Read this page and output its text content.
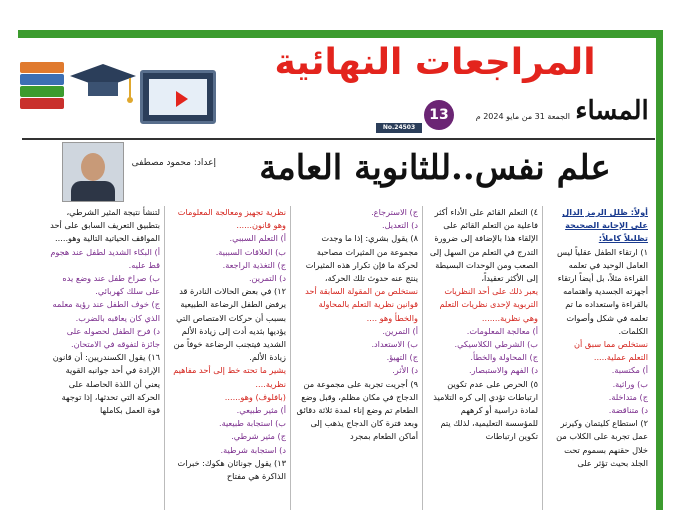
المراجعات النهائية
المساء
الجمعة 31 من مايو 2024 م
13
No.24503
علم نفس..للثانوية العامة
إعداد: محمود مصطفى

أولاً: ظلل الرمز الدال على الإجابة الصحيحة تظليلاً كاملاً:

١) ارتقاء الطفل عقلياً ليس العامل الوحيد في تعلمه القراءة مثلاً، بل أيضاً ارتقاء أجهزته الجسدية واهتمامه بالقراءة واستعداده ما تم تعلمه في شكل وأصوات الكلمات.

نستخلص مما سبق أن

التعلم عملية.....

أ) مكتسبة.

ب) وراثية.

ج) متداخلة.

د) متناقضة.

٢) استطاع كليتمان وكيرنر عمل تجربة على الكلاب من خلال حقنهم بسموم تحت الجلد بحيث تؤثر على

٤) التعلم القائم على الأداء أكثر فاعلية من التعلم القائم على الإلقاء هذا بالإضافة إلى ضرورة التدرج في التعلم من السهل إلى الصعب ومن الوحدات البسيطة إلى الأكثر تعقيداً،

يعبر ذلك على أحد النظريات التربوية لإحدى نظريات التعلم وهي نظرية.......

أ) معالجة المعلومات.

ب) الشرطي الكلاسيكي.

ج) المحاولة والخطأ.

د) الفهم والاستبصار.

٥) الحرص على عدم تكوين ارتباطات تؤدي إلى كره التلاميذ لمادة دراسية أو كرههم للمؤسسة التعليمية، لذلك يتم تكوين ارتباطات

ج) الاسترجاع.

د) التعديل.

٨) يقول بشري: إذا ما وجدت مجموعة من المثيرات مصاحبة لحركة ما فإن تكرار هذه المثيرات ينتج عنه حدوث تلك الحركة،

نستخلص من المقولة السابقة أحد قوانين نظرية التعلم بالمحاولة والخطأ وهو ....

أ) التمرين.

ب) الاستعداد.

ج) التهيؤ.

د) الأثر.

٩) أجريت تجربة على مجموعة من الدجاج في مكان مظلم، وقبل وضع الطعام تم وضع إناء لمدة ثلاثة دقائق وبعد فترة كان الدجاج يذهب إلى أماكن الطعام بمجرد

نظرية تجهيز ومعالجة المعلومات وهو قانون......

أ) التعلم السببي.

ب) العلاقات السببية.

ج) التغذية الراجعة.

د) التمرين.

١٢) في بعض الحالات النادرة قد يرفض الطفل الرضاعة الطبيعية بسبب أن حركات الامتصاص التي يؤديها بثديه أدت إلى زيادة الألم الشديد فيتجنب الرضاعة خوفاً من زيادة الألم.

يشير ما تحته خط إلى أحد مفاهيم نظرية....

(بافلوف) وهو......

أ) مثير طبيعي.

ب) استجابة طبيعية.

ج) مثير شرطي.

د) استجابة شرطية.

١٣) يقول جوناثان هكوك: خبرات الذاكرة هي مفتاح

لتنشأ نتيجة المثير الشرطي، بتطبيق التعريف السابق على أحد المواقف الحياتية التالية وهو.....

أ) البكاء الشديد لطفل عند هجوم قط عليه.

ب) صراخ طفل عند وضع يده على سلك كهربائي.

ج) خوف الطفل عند رؤية معلمه الذي كان يعاقبه بالضرب.

د) فرح الطفل لحصوله على جائزة لتفوقه في الامتحان.

١٦) يقول الكسندريين: أن قانون الإرادة في أحد جوانبه القوية يعني أن اللذة الحاصلة على الحركة التي تحدثها، إذا توجهة قوة العمل بكاملها
